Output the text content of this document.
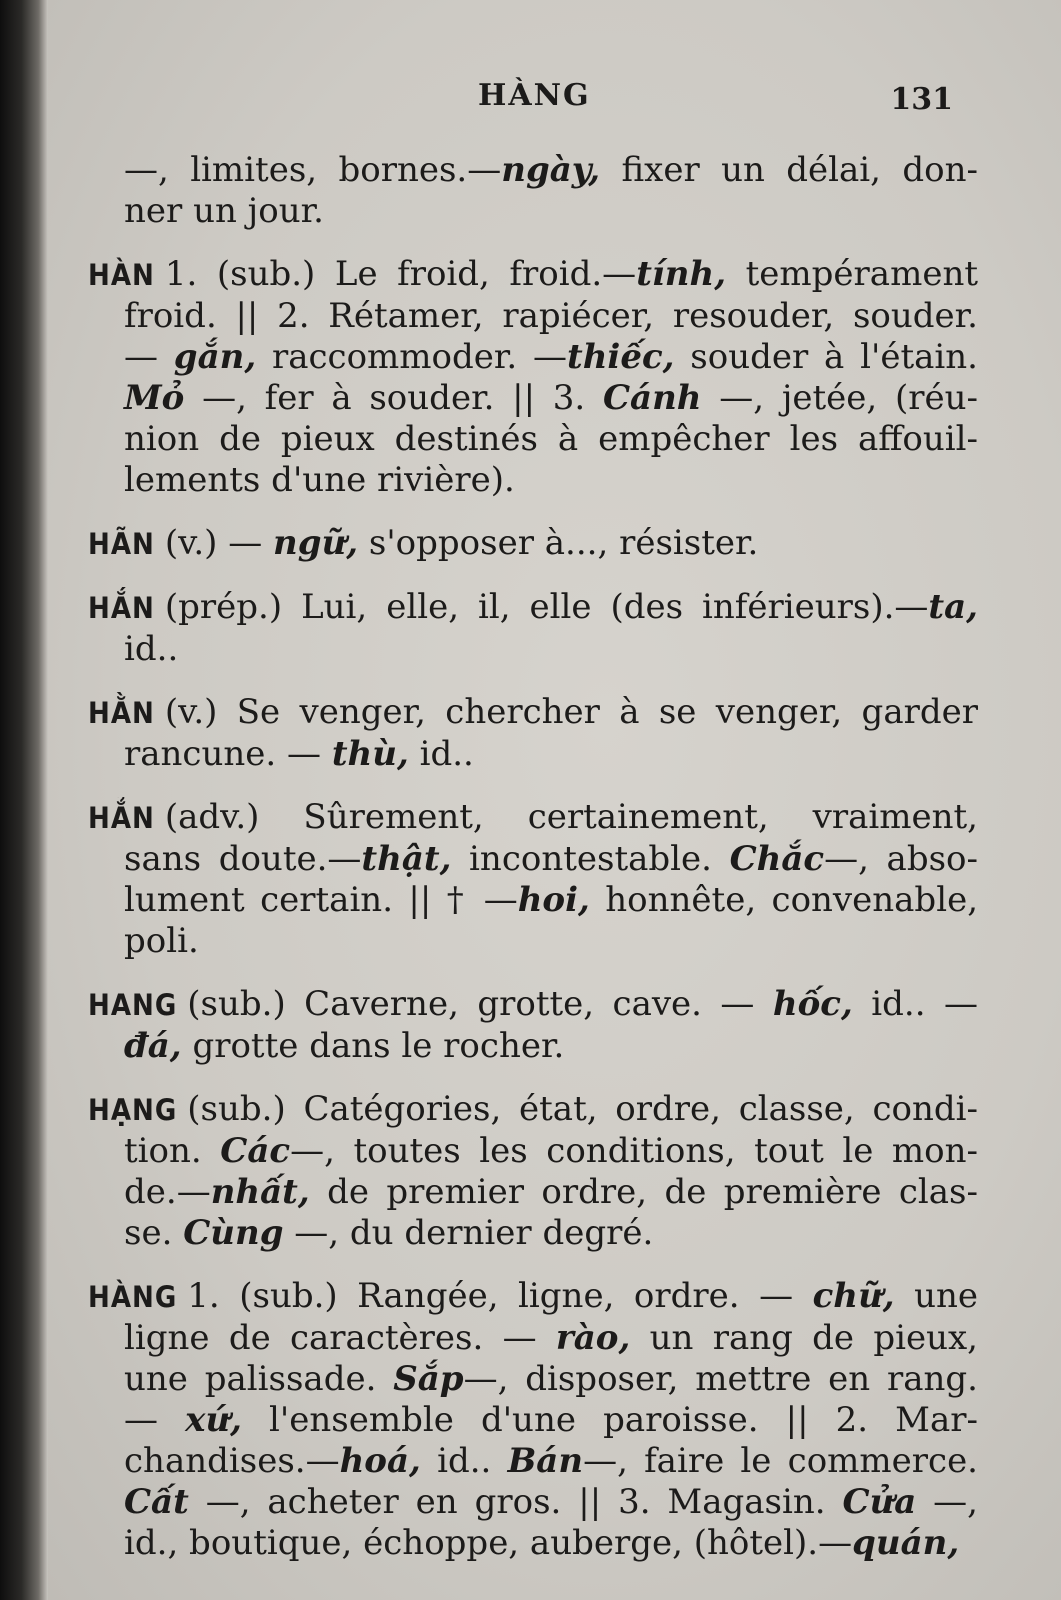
HÀNG	131
—, limites, bornes.—ngày, fixer un délai, don-
ner un jour.
HÀN 1. (sub.) Le froid, froid.—tính, tempérament
froid. || 2. Rétamer, rapiécer, resouder, souder.
— gắn, raccommoder. —thiếc, souder à l'étain.
Mỏ —, fer à souder. || 3. Cánh —, jetée, (réu-
nion de pieux destinés à empêcher les affouil-
lements d'une rivière).
HÃN (v.) — ngữ, s'opposer à..., résister.
HẮN (prép.) Lui, elle, il, elle (des inférieurs).—ta,
id..
HẰN (v.) Se venger, chercher à se venger, garder
rancune. — thù, id..
HẲN (adv.) Sûrement, certainement, vraiment,
sans doute.—thật, incontestable. Chắc—, abso-
lument certain. || † —hoi, honnête, convenable,
poli.
HANG (sub.) Caverne, grotte, cave. — hốc, id.. —
đá, grotte dans le rocher.
HẠNG (sub.) Catégories, état, ordre, classe, condi-
tion. Các—, toutes les conditions, tout le mon-
de.—nhất, de premier ordre, de première clas-
se. Cùng —, du dernier degré.
HÀNG 1. (sub.) Rangée, ligne, ordre. — chữ, une
ligne de caractères. — rào, un rang de pieux,
une palissade. Sắp—, disposer, mettre en rang.
— xứ, l'ensemble d'une paroisse. || 2. Mar-
chandises.—hoá, id.. Bán—, faire le commerce.
Cất —, acheter en gros. || 3. Magasin. Cửa —,
id., boutique, échoppe, auberge, (hôtel).—quán,
